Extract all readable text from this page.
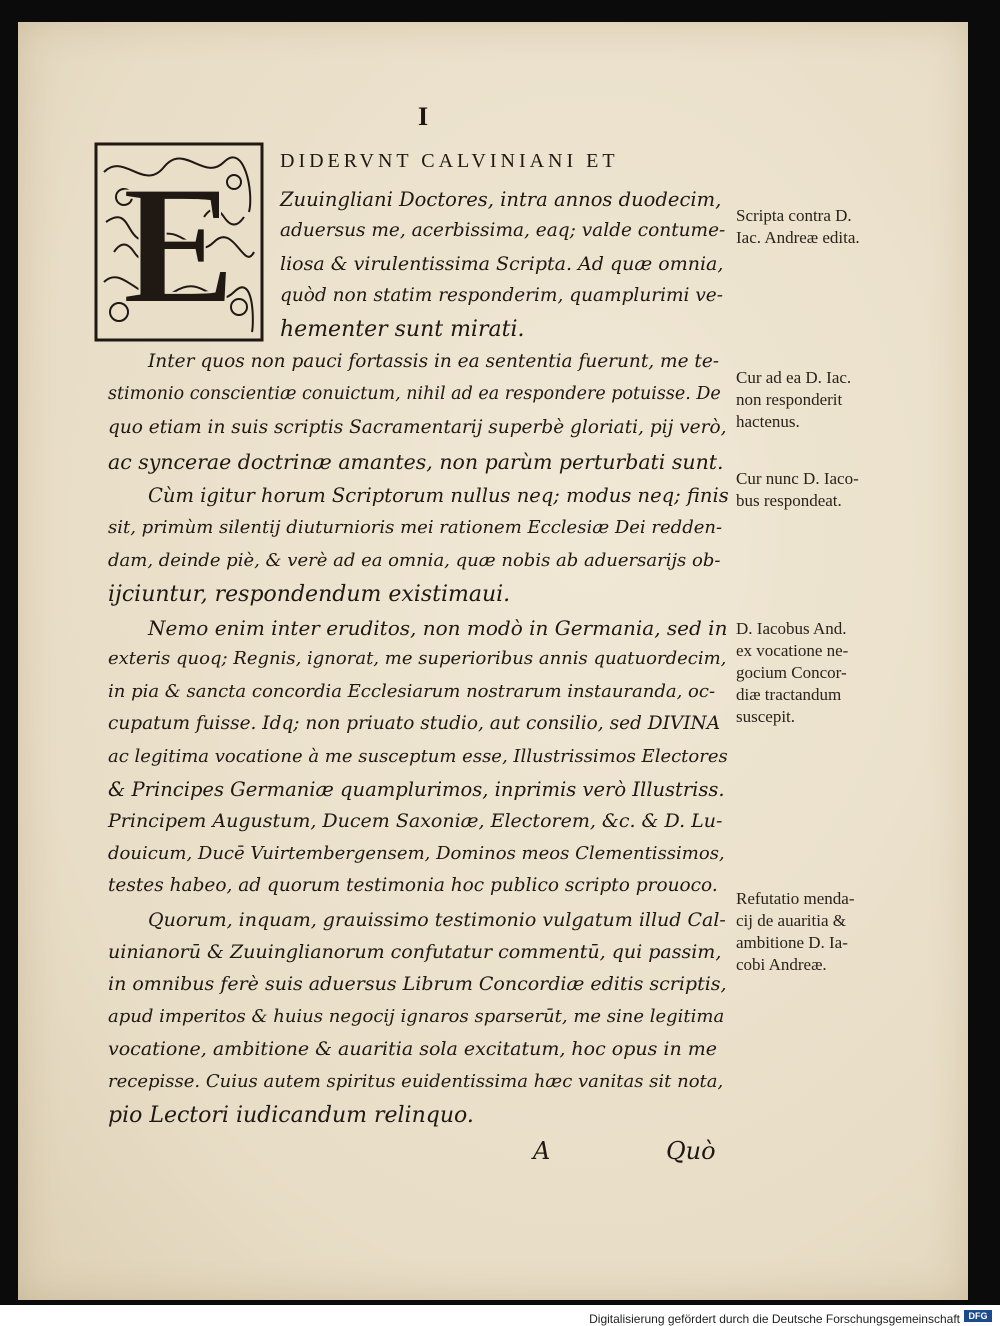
I
E DIDERVNT CALVINIANI ET
Zuuingliani Doctores, intra annos duodecim,
aduersus me, acerbissima, eaq; valde contume-
liosa & virulentissima Scripta. Ad quæ omnia,
quòd non statim responderim, quamplurimi ve-
hementer sunt mirati.
Inter quos non pauci fortassis in ea sententia fuerunt, me te-
stimonio conscientiæ conuictum, nihil ad ea respondere potuisse. De
quo etiam in suis scriptis Sacramentarij superbè gloriati, pij verò,
ac syncerae doctrinæ amantes, non parùm perturbati sunt.
Cùm igitur horum Scriptorum nullus neq; modus neq; finis
sit, primùm silentij diuturnioris mei rationem Ecclesiæ Dei redden-
dam, deinde piè, & verè ad ea omnia, quæ nobis ab aduersarijs ob-
ijciuntur, respondendum existimaui.
Nemo enim inter eruditos, non modò in Germania, sed in
exteris quoq; Regnis, ignorat, me superioribus annis quatuordecim,
in pia & sancta concordia Ecclesiarum nostrarum instauranda, oc-
cupatum fuisse. Idq; non priuato studio, aut consilio, sed DIVINA
ac legitima vocatione à me susceptum esse, Illustrissimos Electores
& Principes Germaniæ quamplurimos, inprimis verò Illustriss.
Principem Augustum, Ducem Saxoniæ, Electorem, &c. & D. Lu-
douicum, Ducē Vuirtembergensem, Dominos meos Clementissimos,
testes habeo, ad quorum testimonia hoc publico scripto prouoco.
Quorum, inquam, grauissimo testimonio vulgatum illud Cal-
uinianorū & Zuuinglianorum confutatur commentū, qui passim,
in omnibus ferè suis aduersus Librum Concordiæ editis scriptis,
apud imperitos & huius negocij ignaros sparserūt, me sine legitima
vocatione, ambitione & auaritia sola excitatum, hoc opus in me
recepisse. Cuius autem spiritus euidentissima hæc vanitas sit nota,
pio Lectori iudicandum relinquo.
Scripta contra D.
Iac. Andreæ edita.
Cur ad ea D. Iac.
non responderit
hactenus.
Cur nunc D. Iaco-
bus respondeat.
D. Iacobus And.
ex vocatione ne-
gocium Concor-
diæ tractandum
suscepit.
Refutatio menda-
cij de auaritia &
ambitione D. Ia-
cobi Andreæ.
A	Quò
Digitalisierung gefördert durch die Deutsche Forschungsgemeinschaft DFG
